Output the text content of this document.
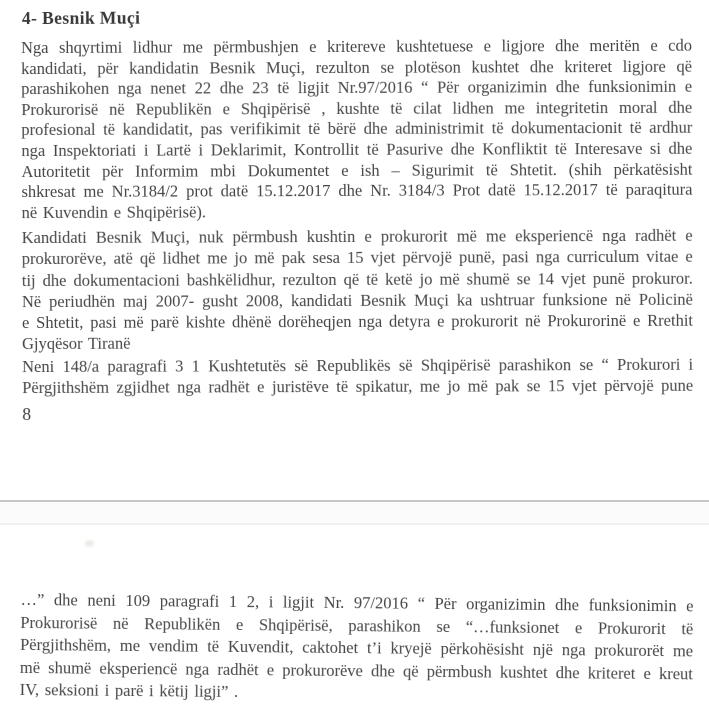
4- Besnik Muçi
Nga shqyrtimi lidhur me përmbushjen e kritereve kushtetuese e ligjore dhe meritën e cdo
kandidati, për kandidatin Besnik Muçi, rezulton se plotëson kushtet dhe kriteret ligjore që
parashikohen nga nenet 22 dhe 23 të ligjit Nr.97/2016 “ Për organizimin dhe funksionimin e
Prokurorisë në Republikën e Shqipërisë , kushte të cilat lidhen me integritetin moral dhe
profesional të kandidatit, pas verifikimit të bërë dhe administrimit të dokumentacionit të ardhur
nga Inspektoriati i Lartë i Deklarimit, Kontrollit të Pasurive dhe Konfliktit të Interesave si dhe
Autoritetit për Informim mbi Dokumentet e ish – Sigurimit të Shtetit. (shih përkatësisht
shkresat me Nr.3184/2 prot datë 15.12.2017 dhe Nr. 3184/3 Prot datë 15.12.2017 të paraqitura
në Kuvendin e Shqipërisë).
Kandidati Besnik Muçi, nuk përmbush kushtin e prokurorit më me eksperiencë nga radhët e
prokurorëve, atë që lidhet me jo më pak sesa 15 vjet përvojë punë, pasi nga curriculum vitae e
tij dhe dokumentacioni bashkëlidhur, rezulton që të ketë jo më shumë se 14 vjet punë prokuror.
Në periudhën maj 2007- gusht 2008, kandidati Besnik Muçi ka ushtruar funksione në Policinë
e Shtetit, pasi më parë kishte dhënë dorëheqjen nga detyra e prokurorit në Prokurorinë e Rrethit
Gjyqësor Tiranë
Neni 148/a paragrafi 3 1 Kushtetutës së Republikës së Shqipërisë parashikon se “ Prokurori i
Përgjithshëm zgjidhet nga radhët e juristëve të spikatur, me jo më pak se 15 vjet përvojë pune
8
…” dhe neni 109 paragrafi 1 2, i ligjit Nr. 97/2016 “ Për organizimin dhe funksionimin e
Prokurorisë në Republikën e Shqipërisë, parashikon se “…funksionet e Prokurorit të
Përgjithshëm, me vendim të Kuvendit, caktohet t’i kryejë përkohësisht një nga prokurorët me
më shumë eksperiencë nga radhët e prokurorëve dhe që përmbush kushtet dhe kriteret e kreut
IV, seksioni i parë i këtij ligji” .
